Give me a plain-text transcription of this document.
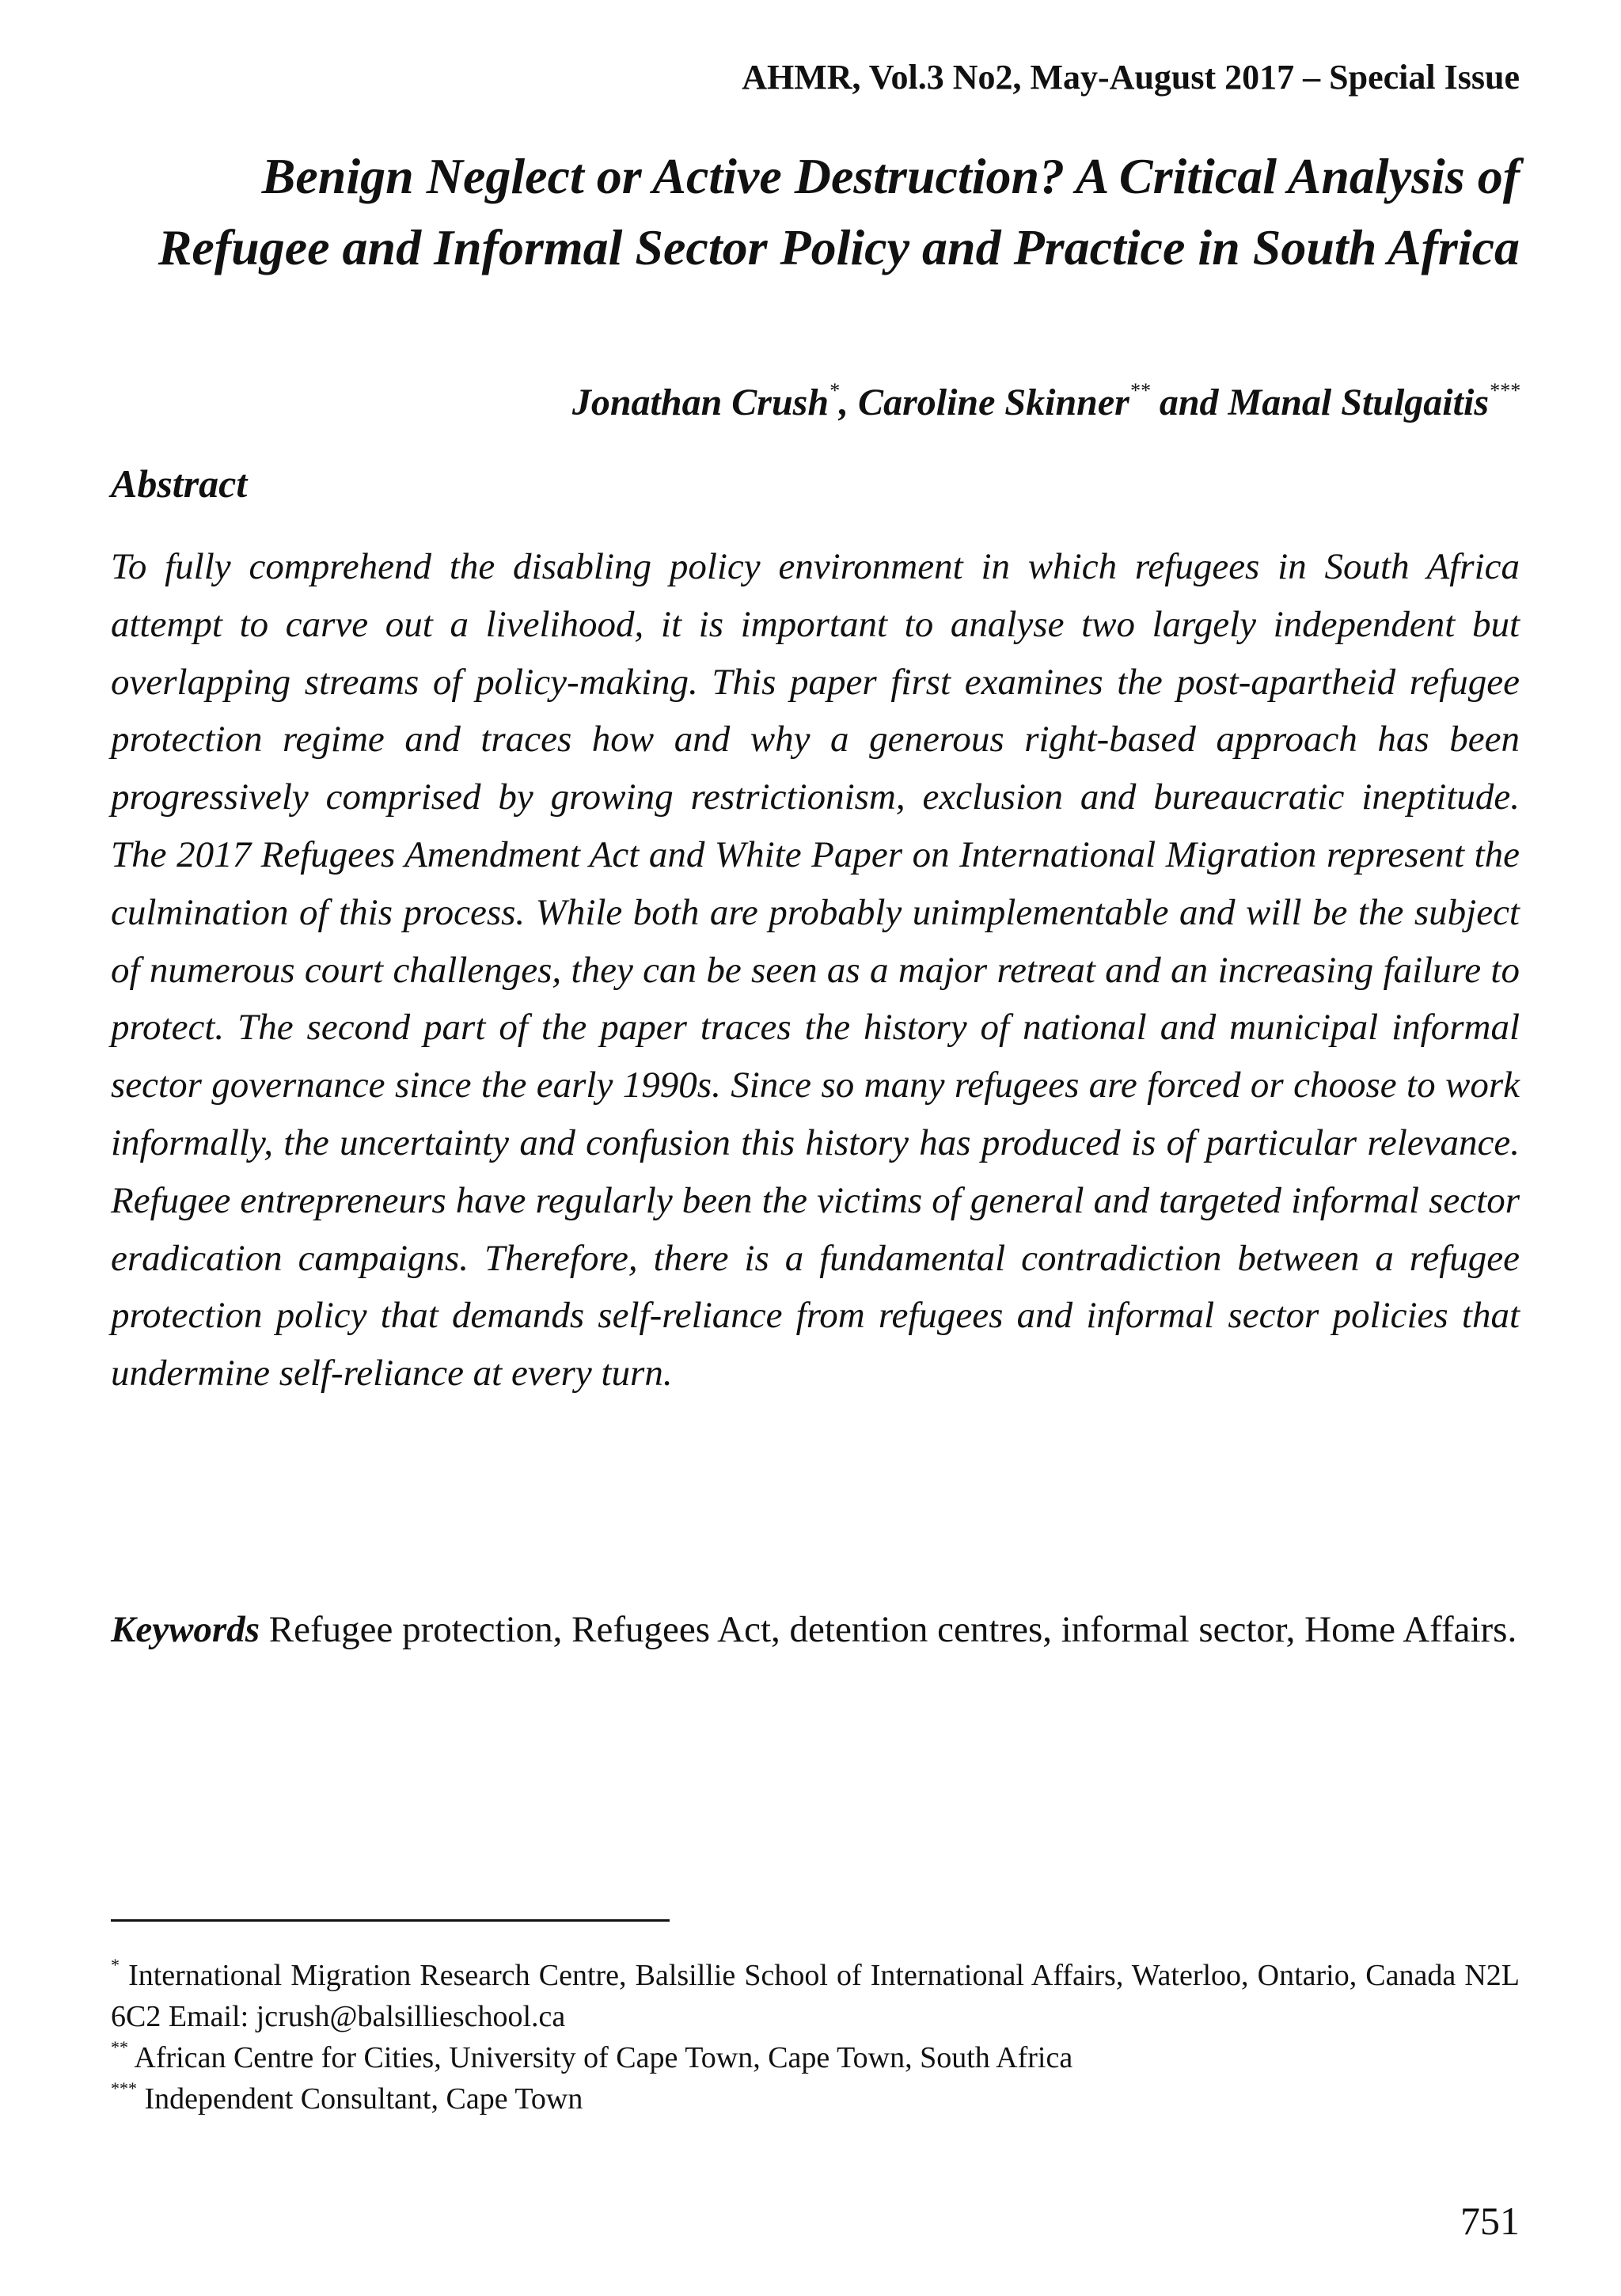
AHMR, Vol.3 No2, May-August 2017 – Special Issue
Benign Neglect or Active Destruction? A Critical Analysis of Refugee and Informal Sector Policy and Practice in South Africa
Jonathan Crush*, Caroline Skinner** and Manal Stulgaitis***
Abstract

To fully comprehend the disabling policy environment in which refugees in South Africa attempt to carve out a livelihood, it is important to analyse two largely independent but overlapping streams of policy-making. This paper first examines the post-apartheid refugee protection regime and traces how and why a generous right-based approach has been progressively comprised by growing restrictionism, exclusion and bureaucratic ineptitude. The 2017 Refugees Amendment Act and White Paper on International Migration represent the culmination of this process. While both are probably unimplementable and will be the subject of numerous court challenges, they can be seen as a major retreat and an increasing failure to protect. The second part of the paper traces the history of national and municipal informal sector governance since the early 1990s. Since so many refugees are forced or choose to work informally, the uncertainty and confusion this history has produced is of particular relevance. Refugee entrepreneurs have regularly been the victims of general and targeted informal sector eradication campaigns. Therefore, there is a fundamental contradiction between a refugee protection policy that demands self-reliance from refugees and informal sector policies that undermine self-reliance at every turn.

Keywords Refugee protection, Refugees Act, detention centres, informal sector, Home Affairs.

* International Migration Research Centre, Balsillie School of International Affairs, Waterloo, Ontario, Canada N2L 6C2 Email: jcrush@balsillieschool.ca

** African Centre for Cities, University of Cape Town, Cape Town, South Africa

*** Independent Consultant, Cape Town

751
